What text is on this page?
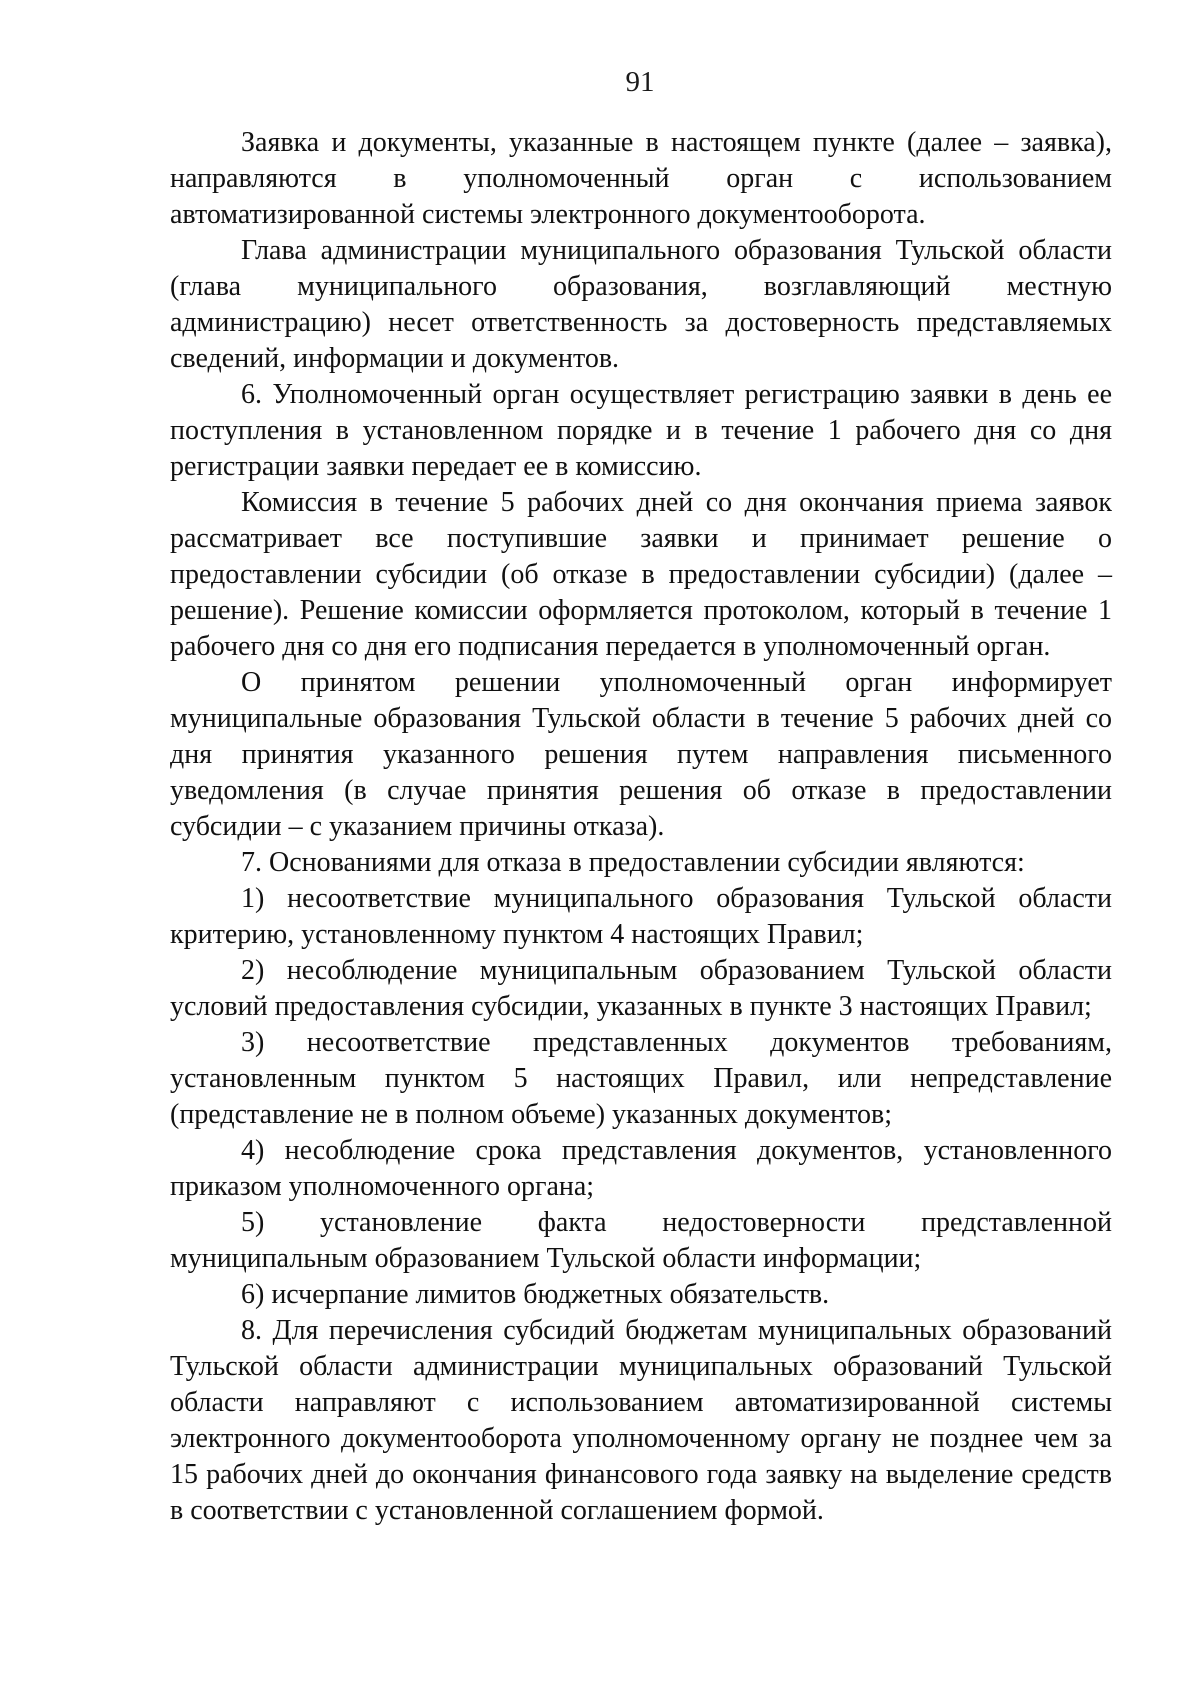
91

Заявка и документы, указанные в настоящем пункте (далее – заявка), направляются в уполномоченный орган с использованием автоматизированной системы электронного документооборота.

Глава администрации муниципального образования Тульской области (глава муниципального образования, возглавляющий местную администрацию) несет ответственность за достоверность представляемых сведений, информации и документов.

6. Уполномоченный орган осуществляет регистрацию заявки в день ее поступления в установленном порядке и в течение 1 рабочего дня со дня регистрации заявки передает ее в комиссию.

Комиссия в течение 5 рабочих дней со дня окончания приема заявок рассматривает все поступившие заявки и принимает решение о предоставлении субсидии (об отказе в предоставлении субсидии) (далее – решение). Решение комиссии оформляется протоколом, который в течение 1 рабочего дня со дня его подписания передается в уполномоченный орган.

О принятом решении уполномоченный орган информирует муниципальные образования Тульской области в течение 5 рабочих дней со дня принятия указанного решения путем направления письменного уведомления (в случае принятия решения об отказе в предоставлении субсидии – с указанием причины отказа).

7. Основаниями для отказа в предоставлении субсидии являются:

1) несоответствие муниципального образования Тульской области критерию, установленному пунктом 4 настоящих Правил;

2) несоблюдение муниципальным образованием Тульской области условий предоставления субсидии, указанных в пункте 3 настоящих Правил;

3) несоответствие представленных документов требованиям, установленным пунктом 5 настоящих Правил, или непредставление (представление не в полном объеме) указанных документов;

4) несоблюдение срока представления документов, установленного приказом уполномоченного органа;

5) установление факта недостоверности представленной муниципальным образованием Тульской области информации;

6) исчерпание лимитов бюджетных обязательств.

8. Для перечисления субсидий бюджетам муниципальных образований Тульской области администрации муниципальных образований Тульской области направляют с использованием автоматизированной системы электронного документооборота уполномоченному органу не позднее чем за 15 рабочих дней до окончания финансового года заявку на выделение средств в соответствии с установленной соглашением формой.
